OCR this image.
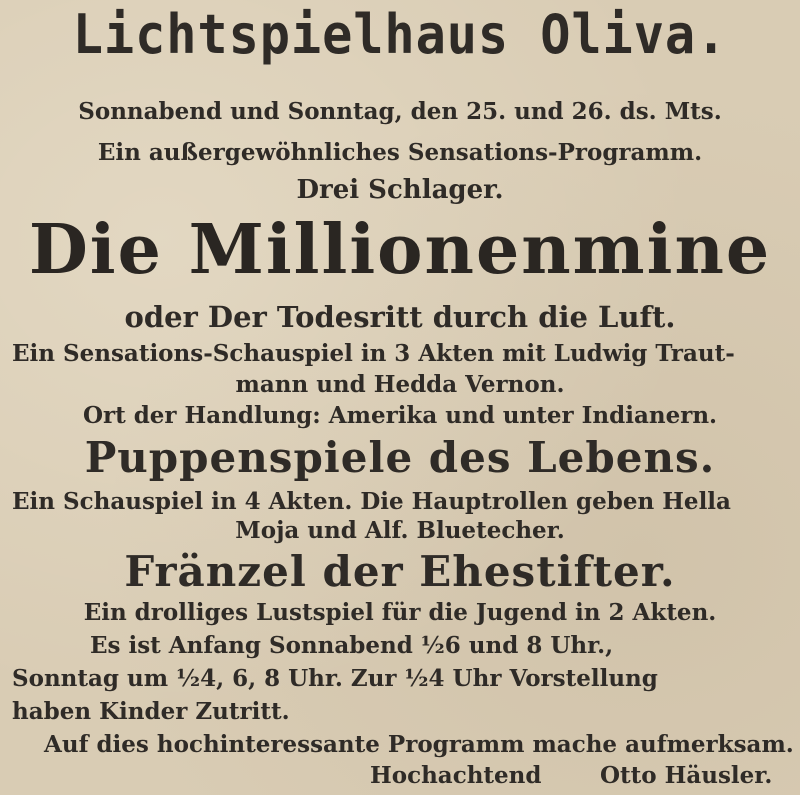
Lichtspielhaus Oliva.
Sonnabend und Sonntag, den 25. und 26. ds. Mts.
Ein außergewöhnliches Sensations-Programm.
Drei Schlager.
Die Millionenmine
oder Der Todesritt durch die Luft.
Ein Sensations-Schauspiel in 3 Akten mit Ludwig Traut-
mann und Hedda Vernon.
Ort der Handlung: Amerika und unter Indianern.
Puppenspiele des Lebens.
Ein Schauspiel in 4 Akten. Die Hauptrollen geben Hella
Moja und Alf. Bluetecher.
Fränzel der Ehestifter.
Ein drolliges Lustspiel für die Jugend in 2 Akten.
Es ist Anfang Sonnabend ½6 und 8 Uhr.,
Sonntag um ½4, 6, 8 Uhr. Zur ½4 Uhr Vorstellung
haben Kinder Zutritt.
Auf dies hochinteressante Programm mache aufmerksam.
Hochachtend	Otto Häusler.
